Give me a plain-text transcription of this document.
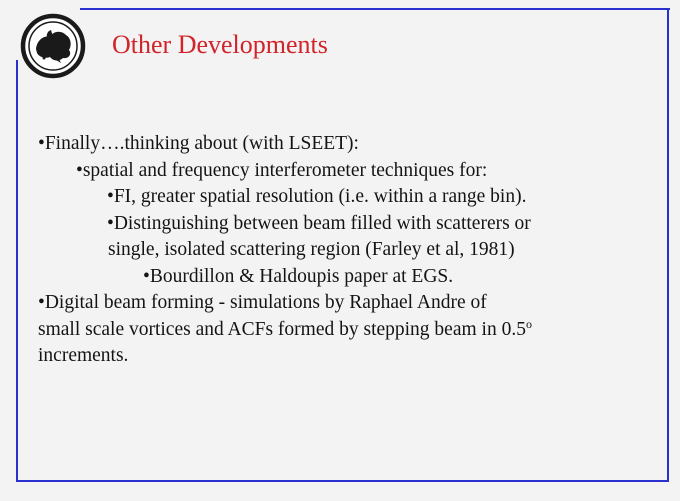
Other Developments
•Finally….thinking about (with LSEET):
•spatial and frequency interferometer techniques for:
•FI, greater spatial resolution (i.e. within a range bin).
•Distinguishing between beam filled with scatterers or
single, isolated scattering region (Farley et al, 1981)
•Bourdillon & Haldoupis paper at EGS.
•Digital beam forming - simulations by Raphael Andre of
small scale vortices and ACFs formed by stepping beam in 0.5$^o$
increments.
